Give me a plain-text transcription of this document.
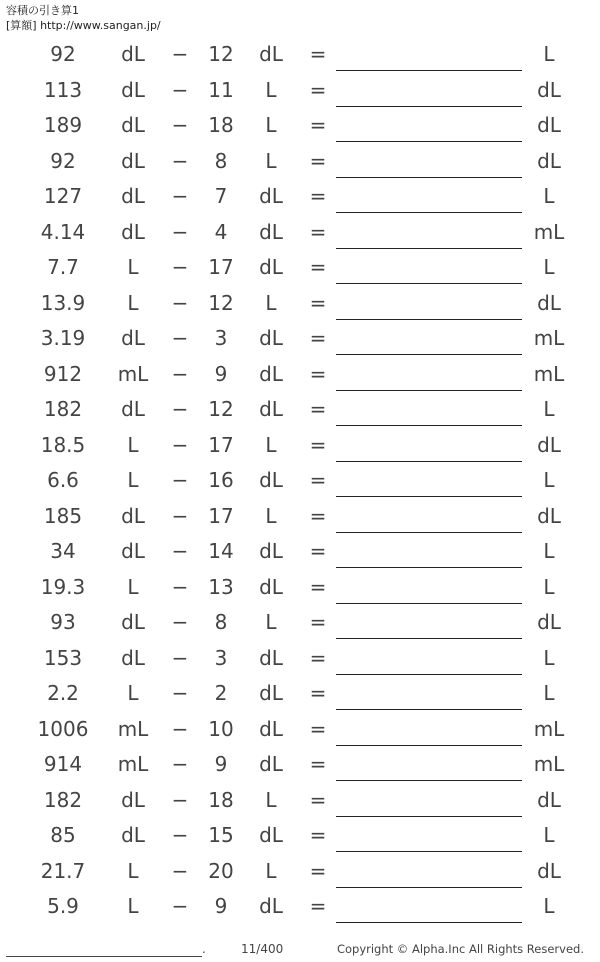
容積の引き算1
[算額] http://www.sangan.jp/
92	dL	− 12	dL	=	L
113	dL	− 11	L	=	dL
189	dL	− 18	L	=	dL
92	dL	−	8	L	=	dL
127	dL	−	7	dL	=	L
4.14	dL	−	4	dL	=	mL
7.7	L	− 17	dL	=	L
13.9	L	− 12	L	=	dL
3.19	dL	−	3	dL	=	mL
912	mL	−	9	dL	=	mL
182	dL	− 12	dL	=	L
18.5	L	− 17	L	=	dL
6.6	L	− 16	dL	=	L
185	dL	− 17	L	=	dL
34	dL	− 14	dL	=	L
19.3	L	− 13	dL	=	L
93	dL	−	8	L	=	dL
153	dL	−	3	dL	=	L
2.2	L	−	2	dL	=	L
1006	mL	− 10	dL	=	mL
914	mL	−	9	dL	=	mL
182	dL	− 18	L	=	dL
85	dL	− 15	dL	=	L
21.7	L	− 20	L	=	dL
5.9	L	−	9	dL	=	L
.	11/400	Copyright © Alpha.Inc All Rights Reserved.
